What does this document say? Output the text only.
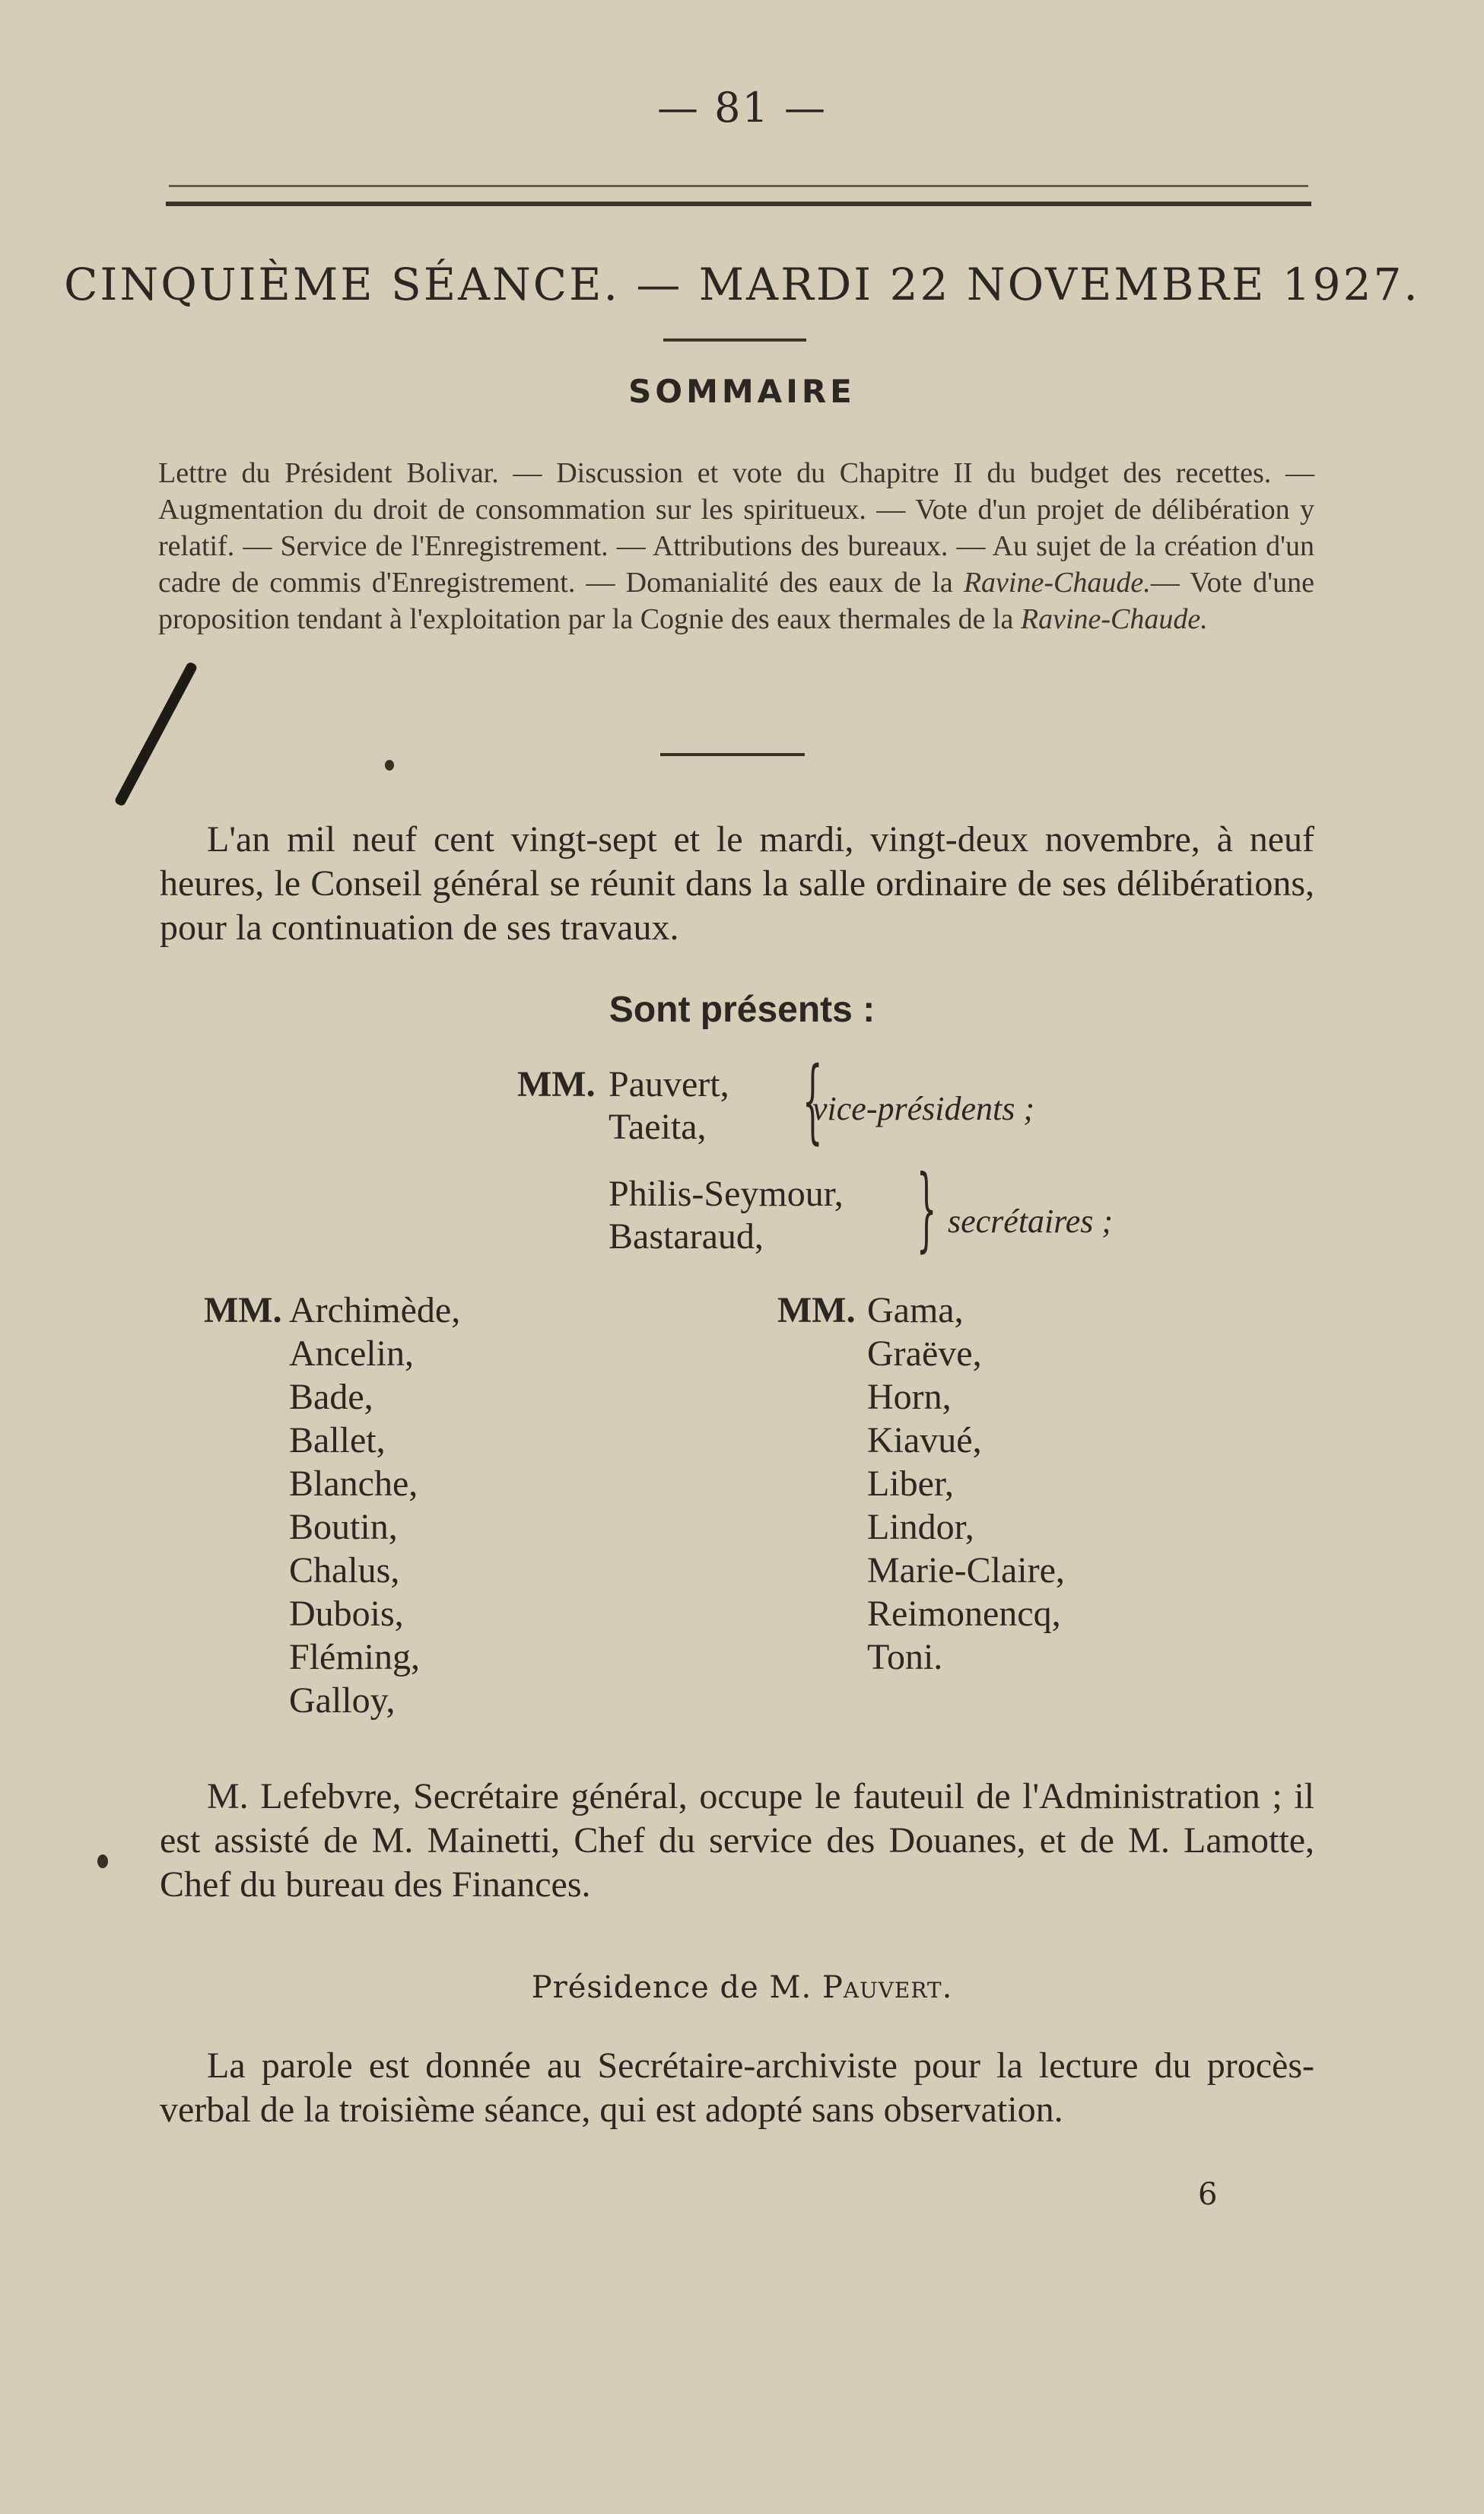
— 81 —
CINQUIÈME SÉANCE. — MARDI 22 NOVEMBRE 1927.
SOMMAIRE
Lettre du Président Bolivar. — Discussion et vote du Chapitre II du budget des recettes. — Augmentation du droit de consommation sur les spiritueux. — Vote d'un projet de délibération y relatif. — Service de l'Enregistrement. — Attributions des bureaux. — Au sujet de la création d'un cadre de commis d'Enregistrement. — Domanialité des eaux de la Ravine-Chaude.— Vote d'une proposition tendant à l'exploitation par la Cognie des eaux thermales de la Ravine-Chaude.

L'an mil neuf cent vingt-sept et le mardi, vingt-deux novembre, à neuf heures, le Conseil général se réunit dans la salle ordinaire de ses délibérations, pour la continuation de ses travaux.

Sont présents :
MM. Pauvert,
Taeita, {
vice-présidents ;
Philis-Seymour,
Bastaraud,	{ secrétaires ;
MM. Archimède,
Ancelin,
Bade,
Ballet,
Blanche,
Boutin,
Chalus,
Dubois,
Fléming,
Galloy,
MM. Gama,
Graëve,
Horn,
Kiavué,
Liber,
Lindor,
Marie-Claire,
Reimonencq,
Toni.

M. Lefebvre, Secrétaire général, occupe le fauteuil de l'Administration ; il est assisté de M. Mainetti, Chef du service des Douanes, et de M. Lamotte, Chef du bureau des Finances.

Présidence de M. Pauvert.

La parole est donnée au Secrétaire-archiviste pour la lecture du procès-verbal de la troisième séance, qui est adopté sans observation.

6
